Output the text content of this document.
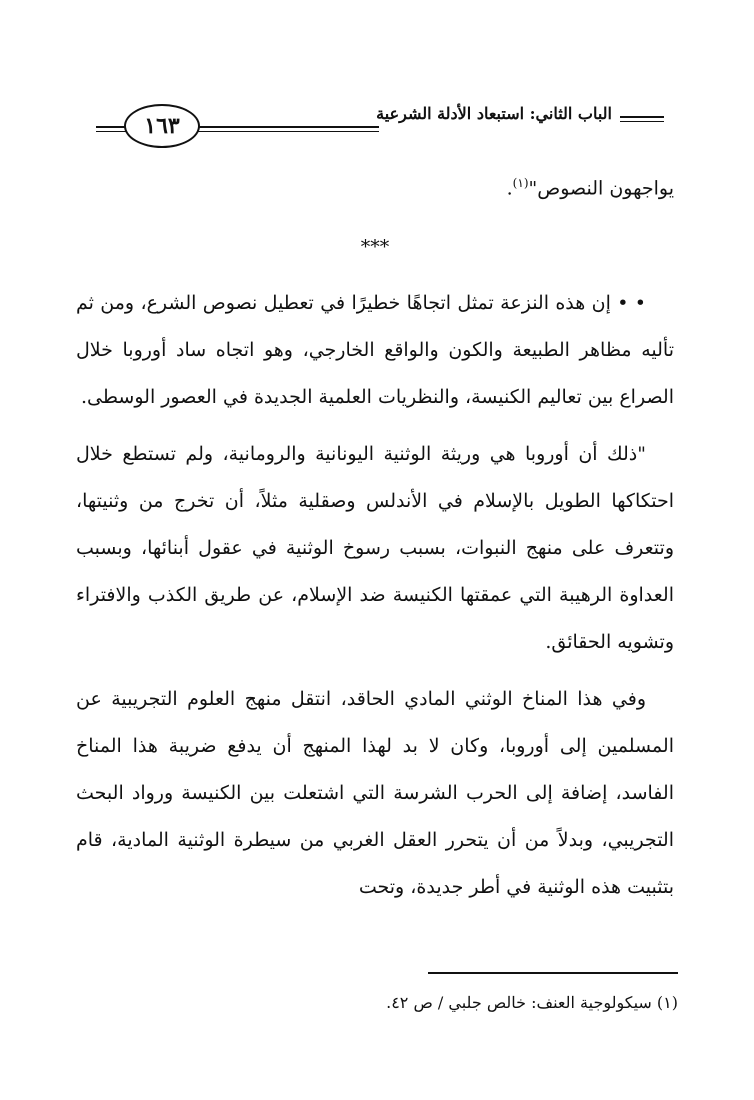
الباب الثاني: استبعاد الأدلة الشرعية
١٦٣

يواجهون النصوص"$^{(١)}$.

***

• • إن هذه النزعة تمثل اتجاهًا خطيرًا في تعطيل نصوص الشرع، ومن ثم تأليه مظاهر الطبيعة والكون والواقع الخارجي، وهو اتجاه ساد أوروبا خلال الصراع بين تعاليم الكنيسة، والنظريات العلمية الجديدة في العصور الوسطى.

"ذلك أن أوروبا هي وريثة الوثنية اليونانية والرومانية، ولم تستطع خلال احتكاكها الطويل بالإسلام في الأندلس وصقلية مثلاً، أن تخرج من وثنيتها، وتتعرف على منهج النبوات، بسبب رسوخ الوثنية في عقول أبنائها، وبسبب العداوة الرهيبة التي عمقتها الكنيسة ضد الإسلام، عن طريق الكذب والافتراء وتشويه الحقائق.

وفي هذا المناخ الوثني المادي الحاقد، انتقل منهج العلوم التجريبية عن المسلمين إلى أوروبا، وكان لا بد لهذا المنهج أن يدفع ضريبة هذا المناخ الفاسد، إضافة إلى الحرب الشرسة التي اشتعلت بين الكنيسة ورواد البحث التجريبي، وبدلاً من أن يتحرر العقل الغربي من سيطرة الوثنية المادية، قام بتثبيت هذه الوثنية في أطر جديدة، وتحت

(١) سيكولوجية العنف: خالص جلبي / ص ٤٢.
